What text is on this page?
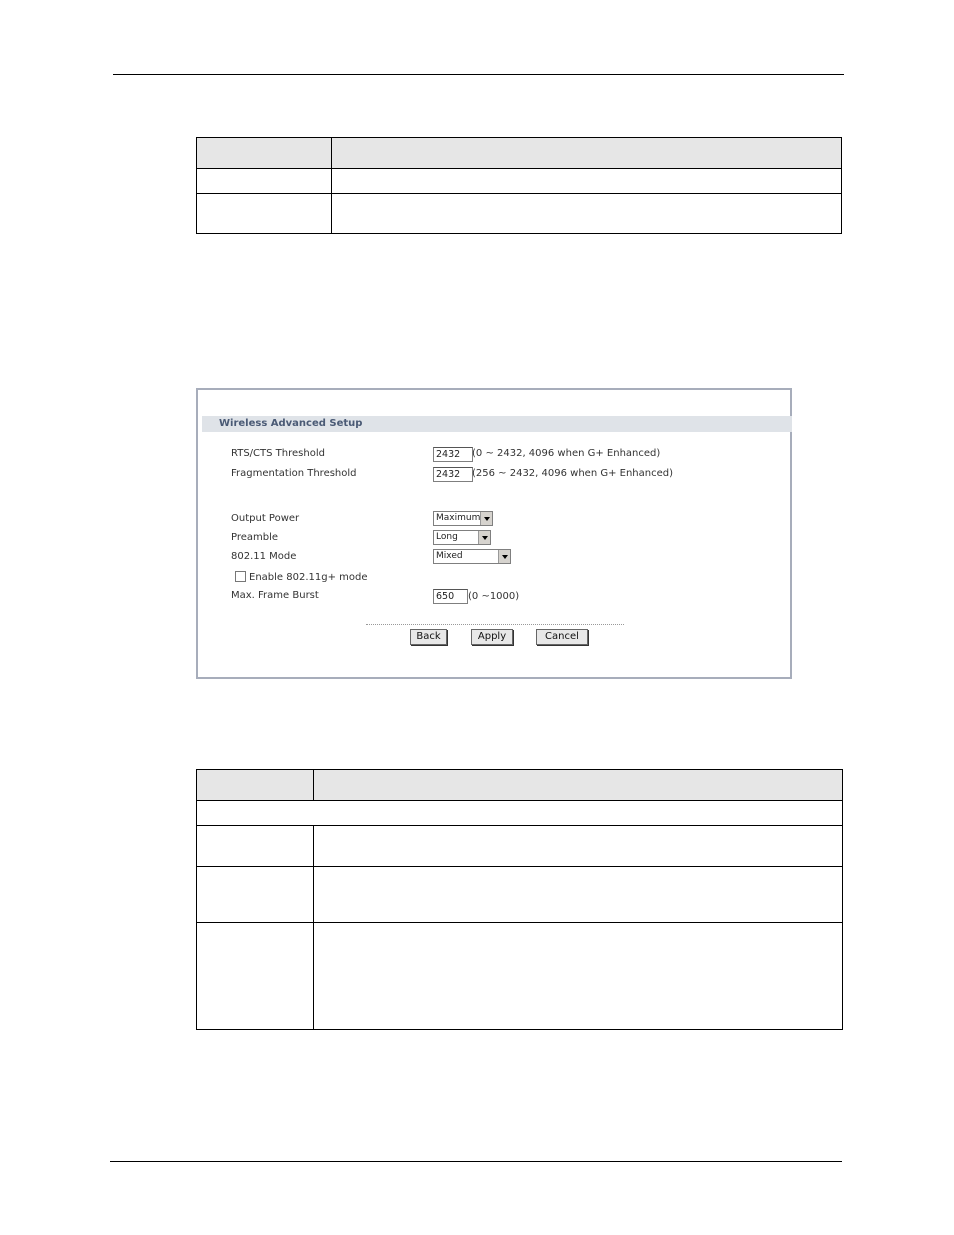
Wireless Advanced Setup
RTS/CTS Threshold	2432	(0 ~ 2432, 4096 when G+ Enhanced)
Fragmentation Threshold	2432	(256 ~ 2432, 4096 when G+ Enhanced)
Output Power	Maximum
Preamble	Long
802.11 Mode	Mixed
Enable 802.11g+ mode
Max. Frame Burst	650	(0 ~1000)
Back	Apply	Cancel
